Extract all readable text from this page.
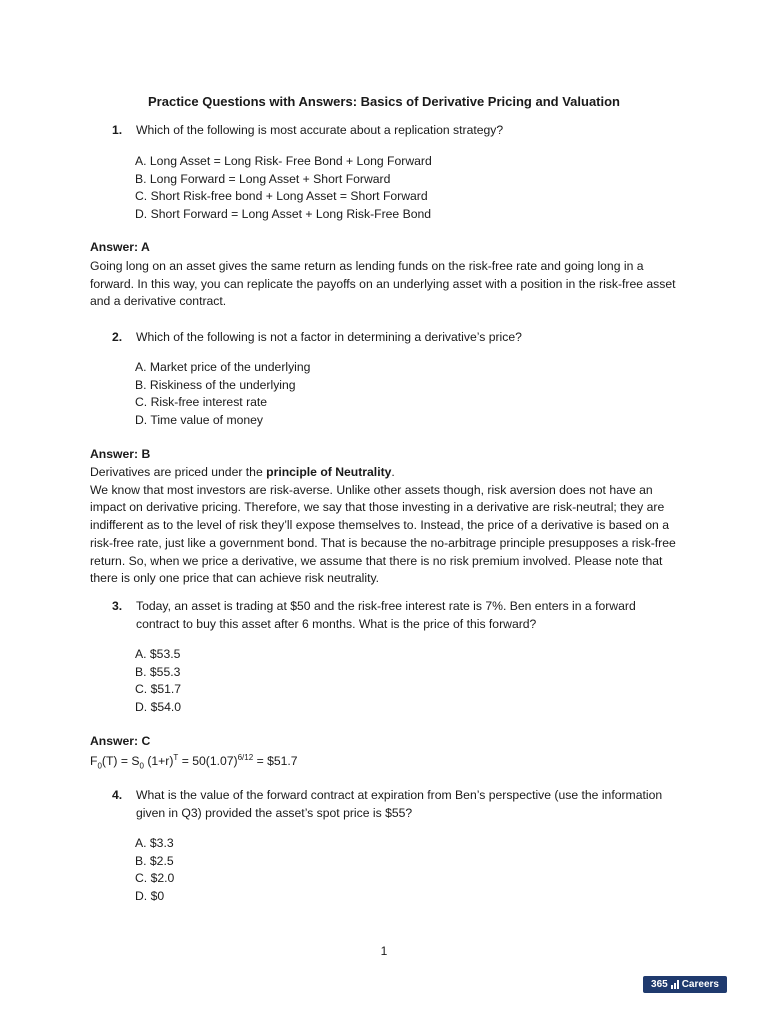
Practice Questions with Answers: Basics of Derivative Pricing and Valuation
1. Which of the following is most accurate about a replication strategy?
A. Long Asset = Long Risk- Free Bond + Long Forward
B. Long Forward = Long Asset + Short Forward
C. Short Risk-free bond + Long Asset = Short Forward
D. Short Forward = Long Asset + Long Risk-Free Bond
Answer: A
Going long on an asset gives the same return as lending funds on the risk-free rate and going long in a forward. In this way, you can replicate the payoffs on an underlying asset with a position in the risk-free asset and a derivative contract.
2. Which of the following is not a factor in determining a derivative’s price?
A. Market price of the underlying
B. Riskiness of the underlying
C. Risk-free interest rate
D. Time value of money
Answer: B
Derivatives are priced under the principle of Neutrality.
We know that most investors are risk-averse. Unlike other assets though, risk aversion does not have an impact on derivative pricing. Therefore, we say that those investing in a derivative are risk-neutral; they are indifferent as to the level of risk they’ll expose themselves to. Instead, the price of a derivative is based on a risk-free rate, just like a government bond. That is because the no-arbitrage principle presupposes a risk-free return. So, when we price a derivative, we assume that there is no risk premium involved. Please note that there is only one price that can achieve risk neutrality.
3. Today, an asset is trading at $50 and the risk-free interest rate is 7%. Ben enters in a forward contract to buy this asset after 6 months. What is the price of this forward?
A. $53.5
B. $55.3
C. $51.7
D. $54.0
Answer: C
$F_0(T) = S_0$ $(1+r)^T = 50(1.07)^{6/12}$ = $51.7
4. What is the value of the forward contract at expiration from Ben’s perspective (use the information given in Q3) provided the asset’s spot price is $55?
A. $3.3
B. $2.5
C. $2.0
D. $0
1
365 Careers
